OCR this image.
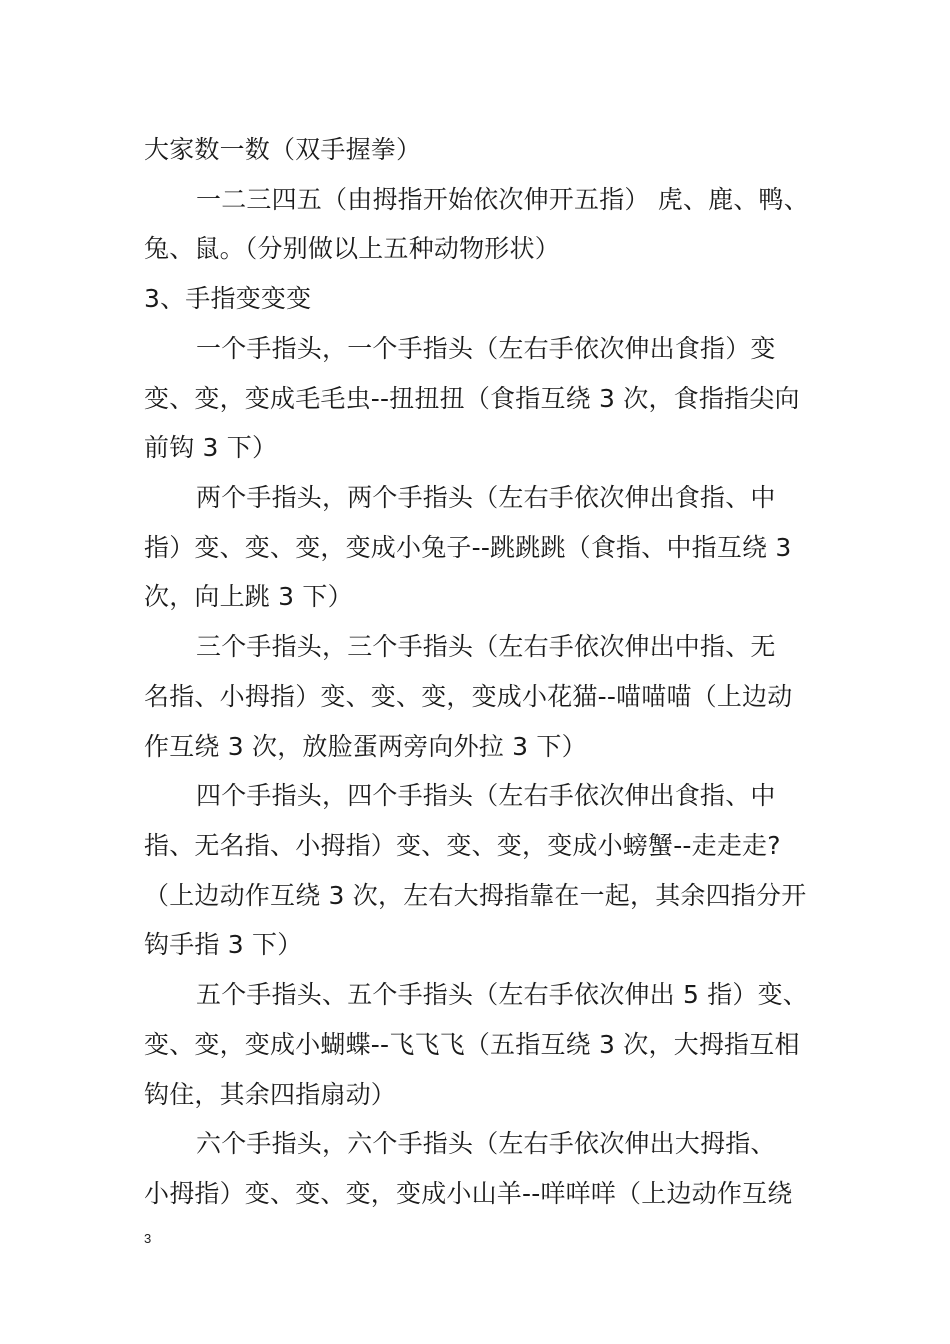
大家数一数（双手握拳）
一二三四五（由拇指开始依次伸开五指） 虎、鹿、鸭、
兔、鼠。（分别做以上五种动物形状）
3、手指变变变
一个手指头，一个手指头（左右手依次伸出食指）变
变、变，变成毛毛虫--扭扭扭（食指互绕 3 次，食指指尖向
前钩 3 下）
两个手指头，两个手指头（左右手依次伸出食指、中
指）变、变、变，变成小兔子--跳跳跳（食指、中指互绕 3
次，向上跳 3 下）
三个手指头，三个手指头（左右手依次伸出中指、无
名指、小拇指）变、变、变，变成小花猫--喵喵喵（上边动
作互绕 3 次，放脸蛋两旁向外拉 3 下）
四个手指头，四个手指头（左右手依次伸出食指、中
指、无名指、小拇指）变、变、变，变成小螃蟹--走走走?
（上边动作互绕 3 次，左右大拇指靠在一起，其余四指分开
钩手指 3 下）
五个手指头、五个手指头（左右手依次伸出 5 指）变、
变、变，变成小蝴蝶--飞飞飞（五指互绕 3 次，大拇指互相
钩住，其余四指扇动）
六个手指头，六个手指头（左右手依次伸出大拇指、
小拇指）变、变、变，变成小山羊--咩咩咩（上边动作互绕
3
